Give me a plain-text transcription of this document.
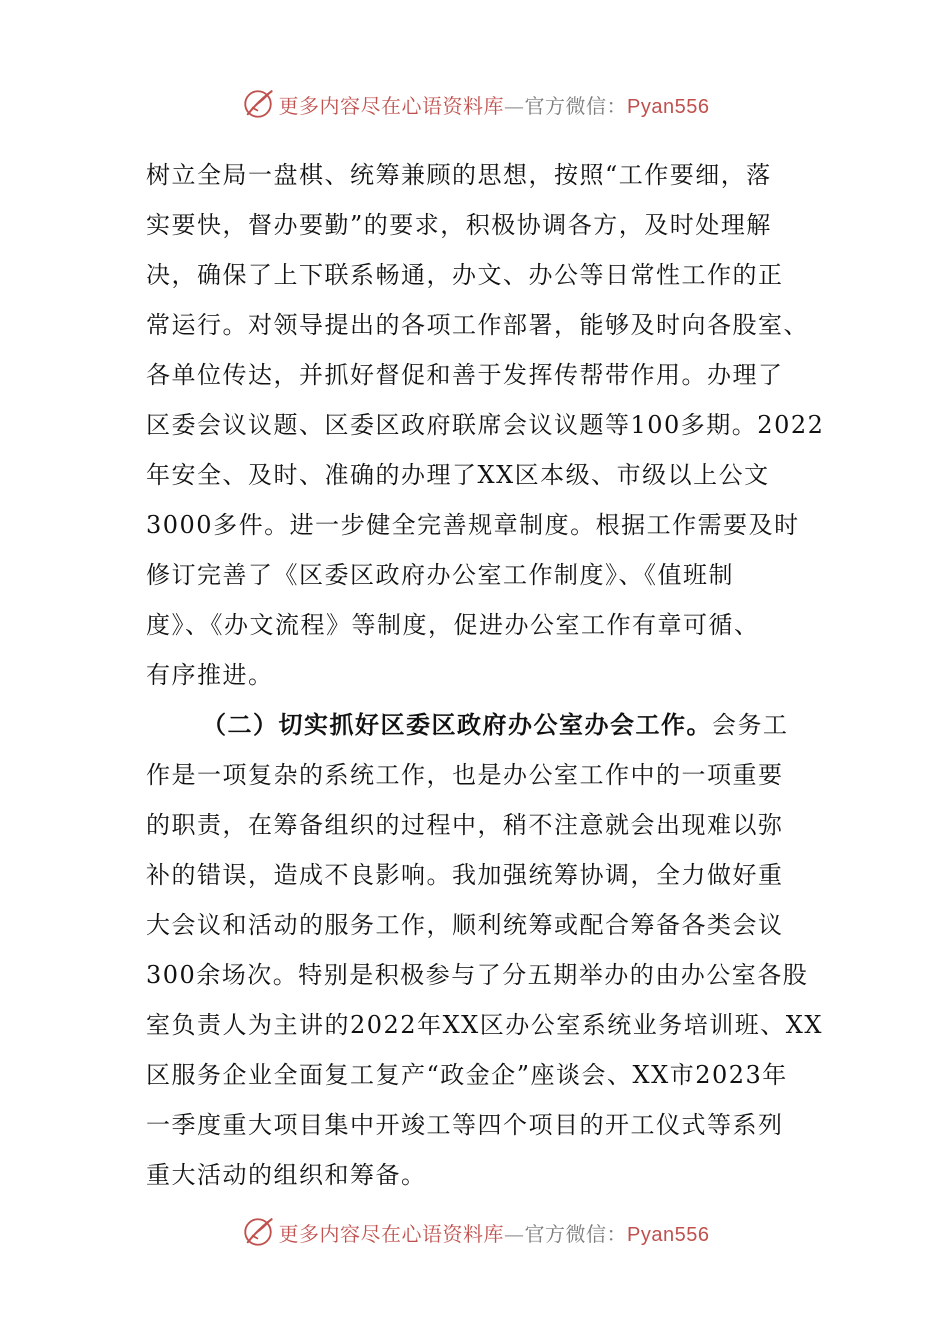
更多内容尽在心语资料库—官方微信：Pyan556
树立全局一盘棋、统筹兼顾的思想，按照“工作要细，落
实要快，督办要勤”的要求，积极协调各方，及时处理解
决，确保了上下联系畅通，办文、办公等日常性工作的正
常运行。对领导提出的各项工作部署，能够及时向各股室、
各单位传达，并抓好督促和善于发挥传帮带作用。办理了
区委会议议题、区委区政府联席会议议题等100多期。2022
年安全、及时、准确的办理了XX区本级、市级以上公文
3000多件。进一步健全完善规章制度。根据工作需要及时
修订完善了《区委区政府办公室工作制度》、《值班制
度》、《办文流程》等制度，促进办公室工作有章可循、
有序推进。
（二）切实抓好区委区政府办公室办会工作。会务工
作是一项复杂的系统工作，也是办公室工作中的一项重要
的职责，在筹备组织的过程中，稍不注意就会出现难以弥
补的错误，造成不良影响。我加强统筹协调，全力做好重
大会议和活动的服务工作，顺利统筹或配合筹备各类会议
300余场次。特别是积极参与了分五期举办的由办公室各股
室负责人为主讲的2022年XX区办公室系统业务培训班、XX
区服务企业全面复工复产“政金企”座谈会、XX市2023年
一季度重大项目集中开竣工等四个项目的开工仪式等系列
重大活动的组织和筹备。
更多内容尽在心语资料库—官方微信：Pyan556
